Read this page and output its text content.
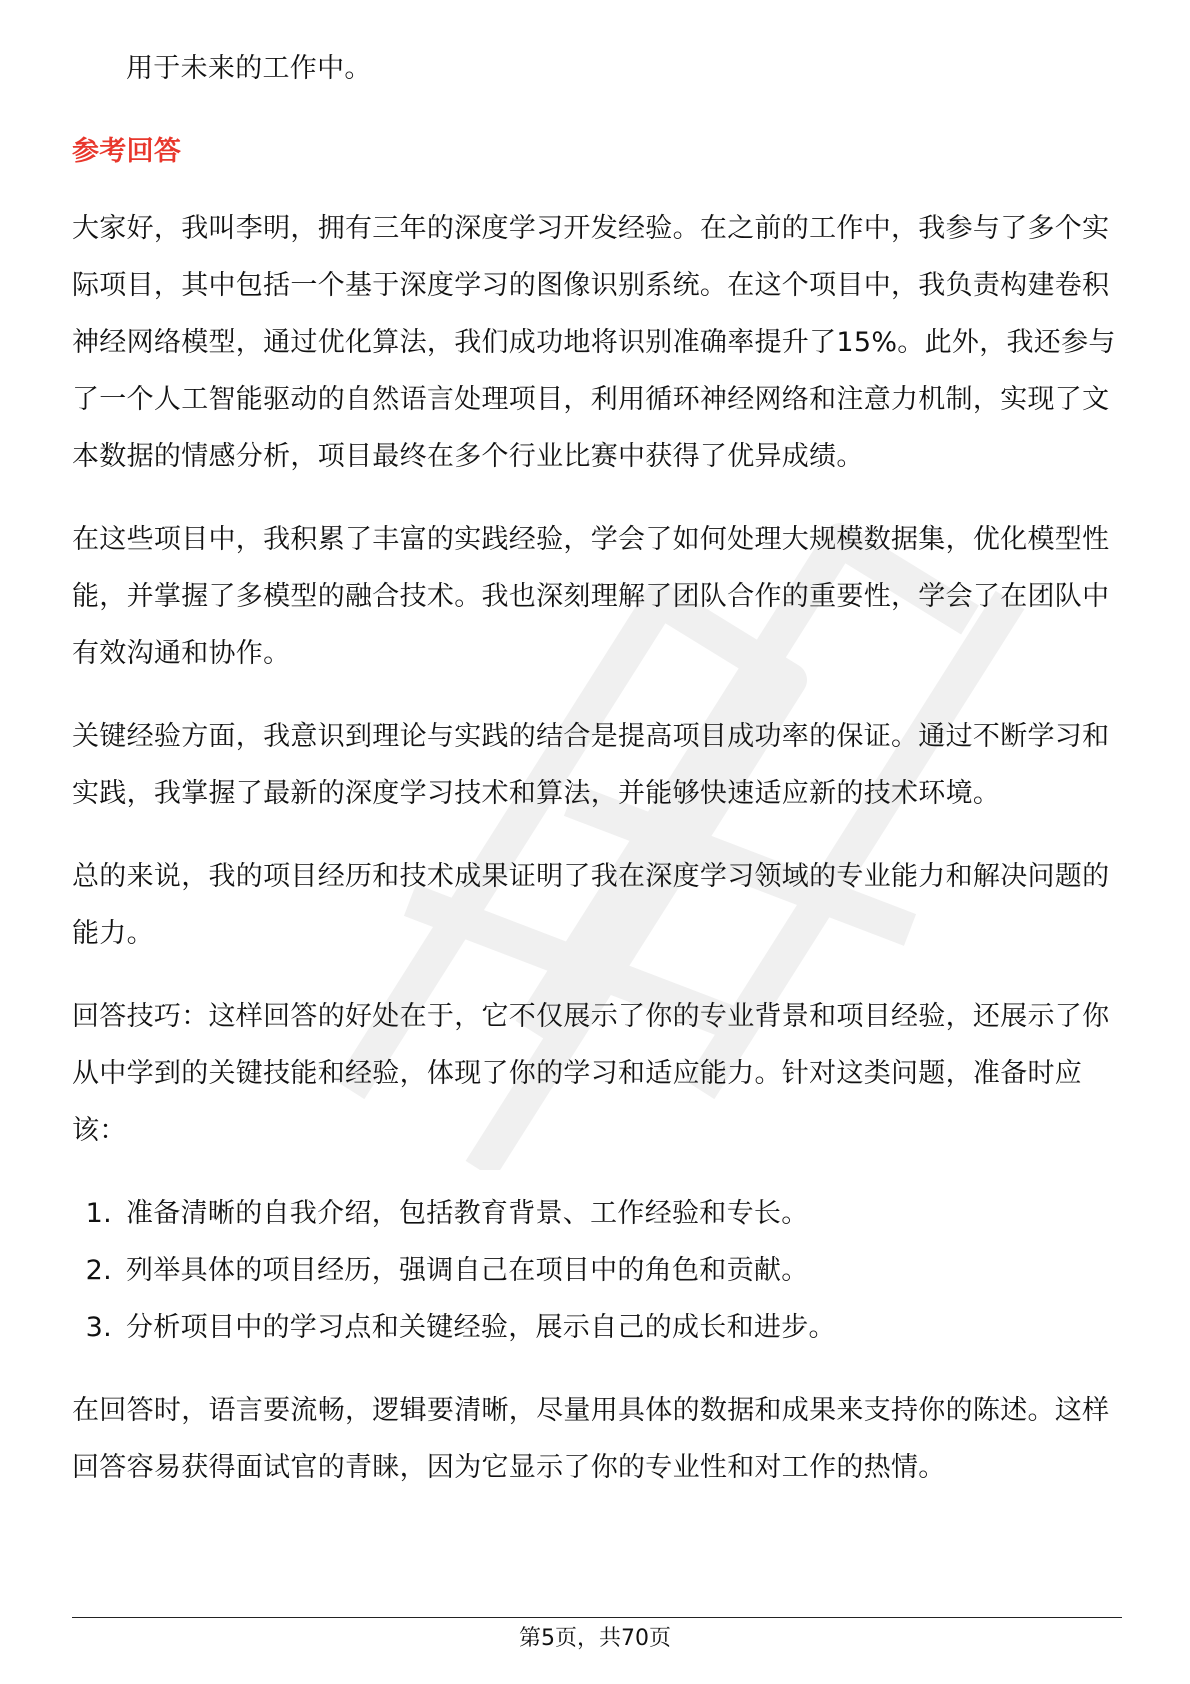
用于未来的工作中。

参考回答

大家好，我叫李明，拥有三年的深度学习开发经验。在之前的工作中，我参与了多个实际项目，其中包括一个基于深度学习的图像识别系统。在这个项目中，我负责构建卷积神经网络模型，通过优化算法，我们成功地将识别准确率提升了15%。此外，我还参与了一个人工智能驱动的自然语言处理项目，利用循环神经网络和注意力机制，实现了文本数据的情感分析，项目最终在多个行业比赛中获得了优异成绩。

在这些项目中，我积累了丰富的实践经验，学会了如何处理大规模数据集，优化模型性能，并掌握了多模型的融合技术。我也深刻理解了团队合作的重要性，学会了在团队中有效沟通和协作。

关键经验方面，我意识到理论与实践的结合是提高项目成功率的保证。通过不断学习和实践，我掌握了最新的深度学习技术和算法，并能够快速适应新的技术环境。

总的来说，我的项目经历和技术成果证明了我在深度学习领域的专业能力和解决问题的能力。

回答技巧：这样回答的好处在于，它不仅展示了你的专业背景和项目经验，还展示了你从中学到的关键技能和经验，体现了你的学习和适应能力。针对这类问题，准备时应该：

1. 准备清晰的自我介绍，包括教育背景、工作经验和专长。
2. 列举具体的项目经历，强调自己在项目中的角色和贡献。
3. 分析项目中的学习点和关键经验，展示自己的成长和进步。

在回答时，语言要流畅，逻辑要清晰，尽量用具体的数据和成果来支持你的陈述。这样回答容易获得面试官的青睐，因为它显示了你的专业性和对工作的热情。

第5页，共70页
